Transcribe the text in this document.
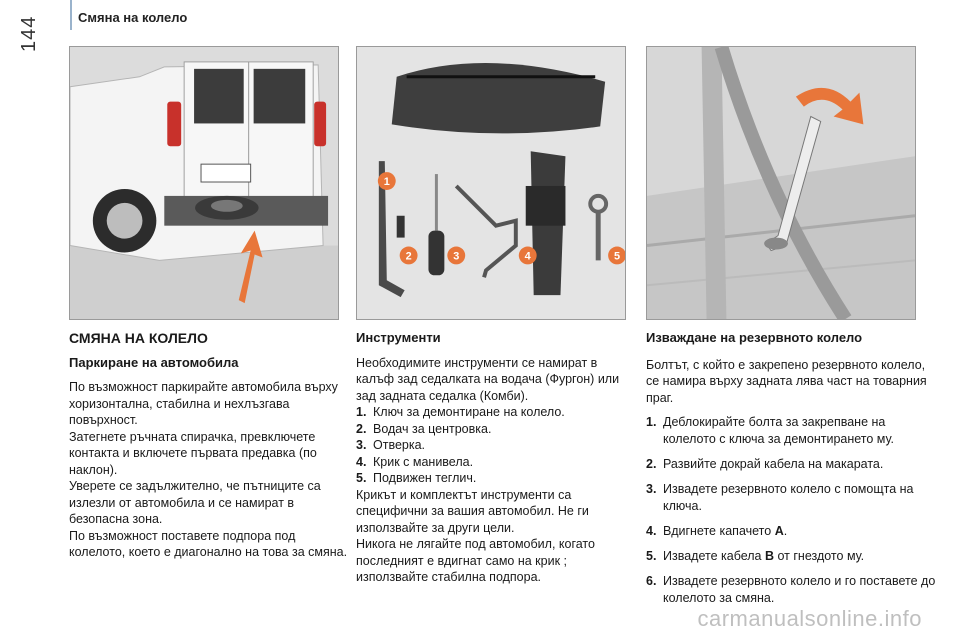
144	Смяна на колело
1
2	3	4	5
СМЯНА НА КОЛЕЛО
Паркиране на автомобила

По възможност паркирайте автомобила върху хоризонтална, стабилна и нехлъзгава повърхност.

Затегнете ръчната спирачка, превключете контакта и включете първата предавка (по наклон).

Уверете се задължително, че пътниците са излезли от автомобила и се намират в безопасна зона.

По възможност поставете подпора под колелото, което е диагонално на това за смяна.

Инструменти

Необходимите инструменти се намират в калъф зад седалката на водача (Фургон) или зад задната седалка (Комби).

1. Ключ за демонтиране на колело.
2. Водач за центровка.
3. Отверка.
4. Крик с манивела.
5. Подвижен теглич.

Крикът и комплектът инструменти са специфични за вашия автомобил. Не ги използвайте за други цели.

Никога не лягайте под автомобил, когато последният е вдигнат само на крик ; използвайте стабилна подпора.

Изваждане на резервното колело

Болтът, с който е закрепено резервното колело, се намира върху задната лява част на товарния праг.

1. Деблокирайте болта за закрепване на колелото с ключа за демонтирането му.
2. Развийте докрай кабела на макарата.
3. Извадете резервното колело с помощта на ключа.
4. Вдигнете капачето A.
5. Извадете кабела B от гнездото му.
6. Извадете резервното колело и го поставете до колелото за смяна.
carmanualsonline.info
